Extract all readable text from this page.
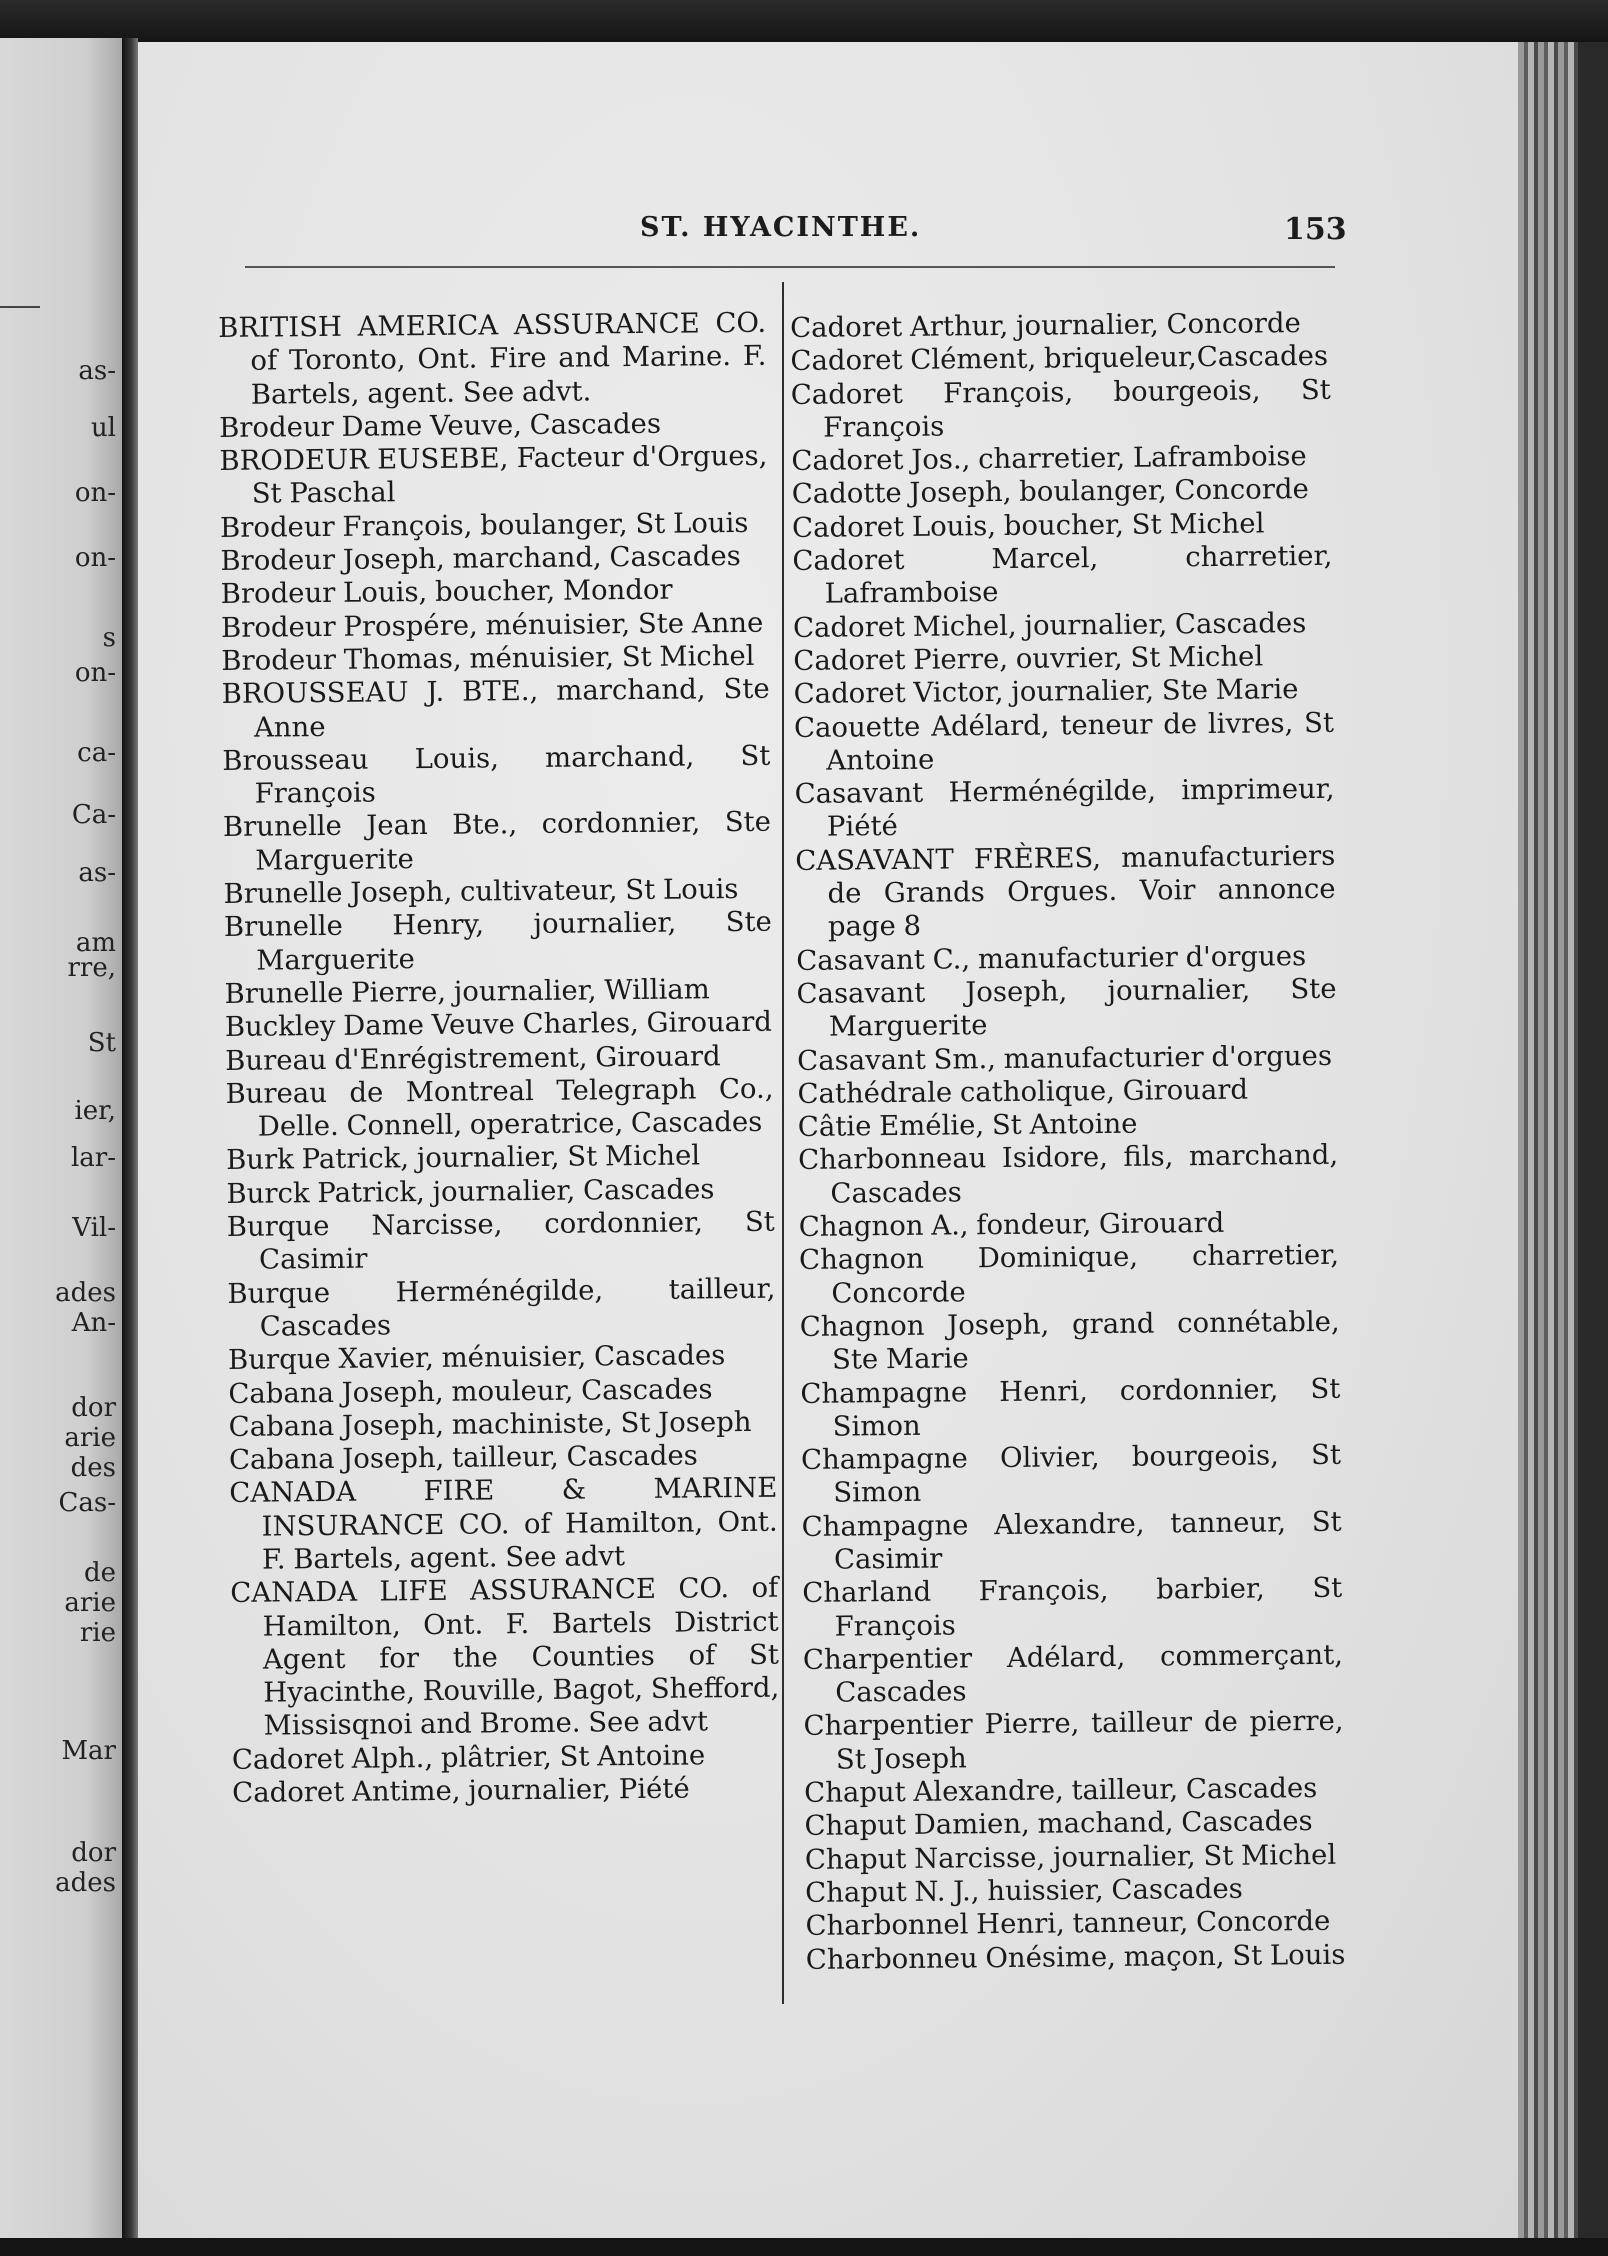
as-
ul
on-
on-
s
on-
ca-
Ca-
as-
am
rre,
St
ier,
lar-
Vil-
ades
An-
dor
arie
des
Cas-
de
arie
rie
Mar
dor
ades
ST. HYACINTHE.	153

BRITISH AMERICA ASSURANCE CO. of Toronto, Ont. Fire and Marine. F. Bartels, agent. See advt.

Brodeur Dame Veuve, Cascades

BRODEUR EUSEBE, Facteur d'Orgues, St Paschal

Brodeur François, boulanger, St Louis

Brodeur Joseph, marchand, Cascades

Brodeur Louis, boucher, Mondor

Brodeur Prospére, ménuisier, Ste Anne

Brodeur Thomas, ménuisier, St Michel

BROUSSEAU J. BTE., marchand, Ste Anne

Brousseau Louis, marchand, St François

Brunelle Jean Bte., cordonnier, Ste Marguerite

Brunelle Joseph, cultivateur, St Louis

Brunelle Henry, journalier, Ste Marguerite

Brunelle Pierre, journalier, William

Buckley Dame Veuve Charles, Girouard

Bureau d'Enrégistrement, Girouard

Bureau de Montreal Telegraph Co., Delle. Connell, operatrice, Cascades

Burk Patrick, journalier, St Michel

Burck Patrick, journalier, Cascades

Burque Narcisse, cordonnier, St Casimir

Burque Herménégilde, tailleur, Cascades

Burque Xavier, ménuisier, Cascades

Cabana Joseph, mouleur, Cascades

Cabana Joseph, machiniste, St Joseph

Cabana Joseph, tailleur, Cascades

CANADA FIRE & MARINE INSURANCE CO. of Hamilton, Ont. F. Bartels, agent. See advt

CANADA LIFE ASSURANCE CO. of Hamilton, Ont. F. Bartels District Agent for the Counties of St Hyacinthe, Rouville, Bagot, Shefford, Missisqnoi and Brome. See advt

Cadoret Alph., plâtrier, St Antoine

Cadoret Antime, journalier, Piété

Cadoret Arthur, journalier, Concorde

Cadoret Clément, briqueleur,Cascades

Cadoret François, bourgeois, St François

Cadoret Jos., charretier, Laframboise

Cadotte Joseph, boulanger, Concorde

Cadoret Louis, boucher, St Michel

Cadoret Marcel, charretier, Laframboise

Cadoret Michel, journalier, Cascades

Cadoret Pierre, ouvrier, St Michel

Cadoret Victor, journalier, Ste Marie

Caouette Adélard, teneur de livres, St Antoine

Casavant Herménégilde, imprimeur, Piété

CASAVANT FRÈRES, manufacturiers de Grands Orgues. Voir annonce page 8

Casavant C., manufacturier d'orgues

Casavant Joseph, journalier, Ste Marguerite

Casavant Sm., manufacturier d'orgues

Cathédrale catholique, Girouard

Câtie Emélie, St Antoine

Charbonneau Isidore, fils, marchand, Cascades

Chagnon A., fondeur, Girouard

Chagnon Dominique, charretier, Concorde

Chagnon Joseph, grand connétable, Ste Marie

Champagne Henri, cordonnier, St Simon

Champagne Olivier, bourgeois, St Simon

Champagne Alexandre, tanneur, St Casimir

Charland François, barbier, St François

Charpentier Adélard, commerçant, Cascades

Charpentier Pierre, tailleur de pierre, St Joseph

Chaput Alexandre, tailleur, Cascades

Chaput Damien, machand, Cascades

Chaput Narcisse, journalier, St Michel

Chaput N. J., huissier, Cascades

Charbonnel Henri, tanneur, Concorde

Charbonneu Onésime, maçon, St Louis
